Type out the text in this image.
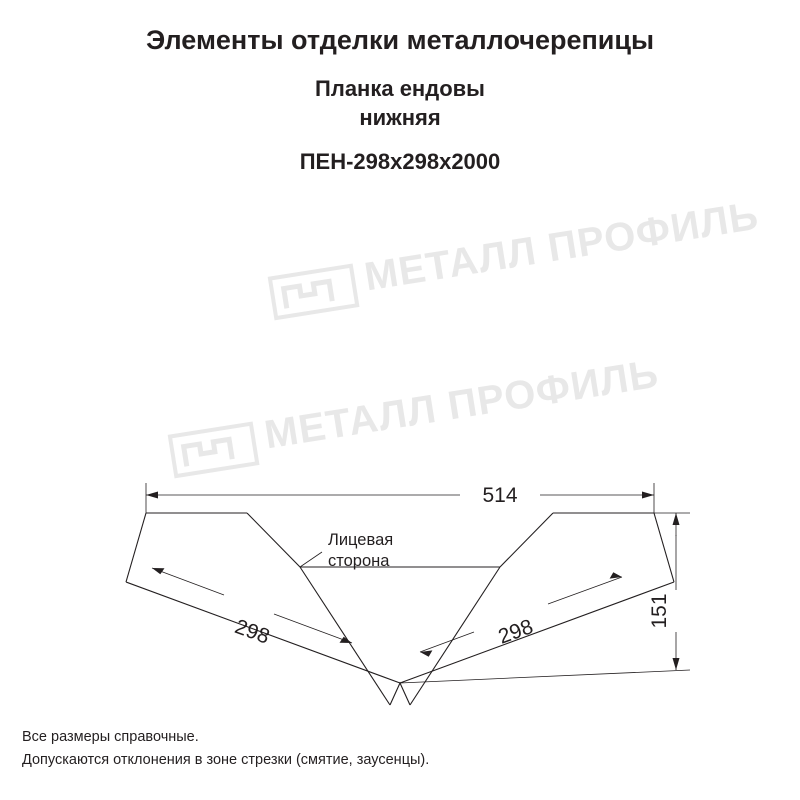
МЕТАЛЛ ПРОФИЛЬ
МЕТАЛЛ ПРОФИЛЬ
Элементы отделки металлочерепицы
Планка ендовы
нижняя
ПЕН-298х298х2000
514
298	298
151
Лицевая
сторона
Все размеры справочные.
Допускаются отклонения в зоне стрезки (смятие, заусенцы).
